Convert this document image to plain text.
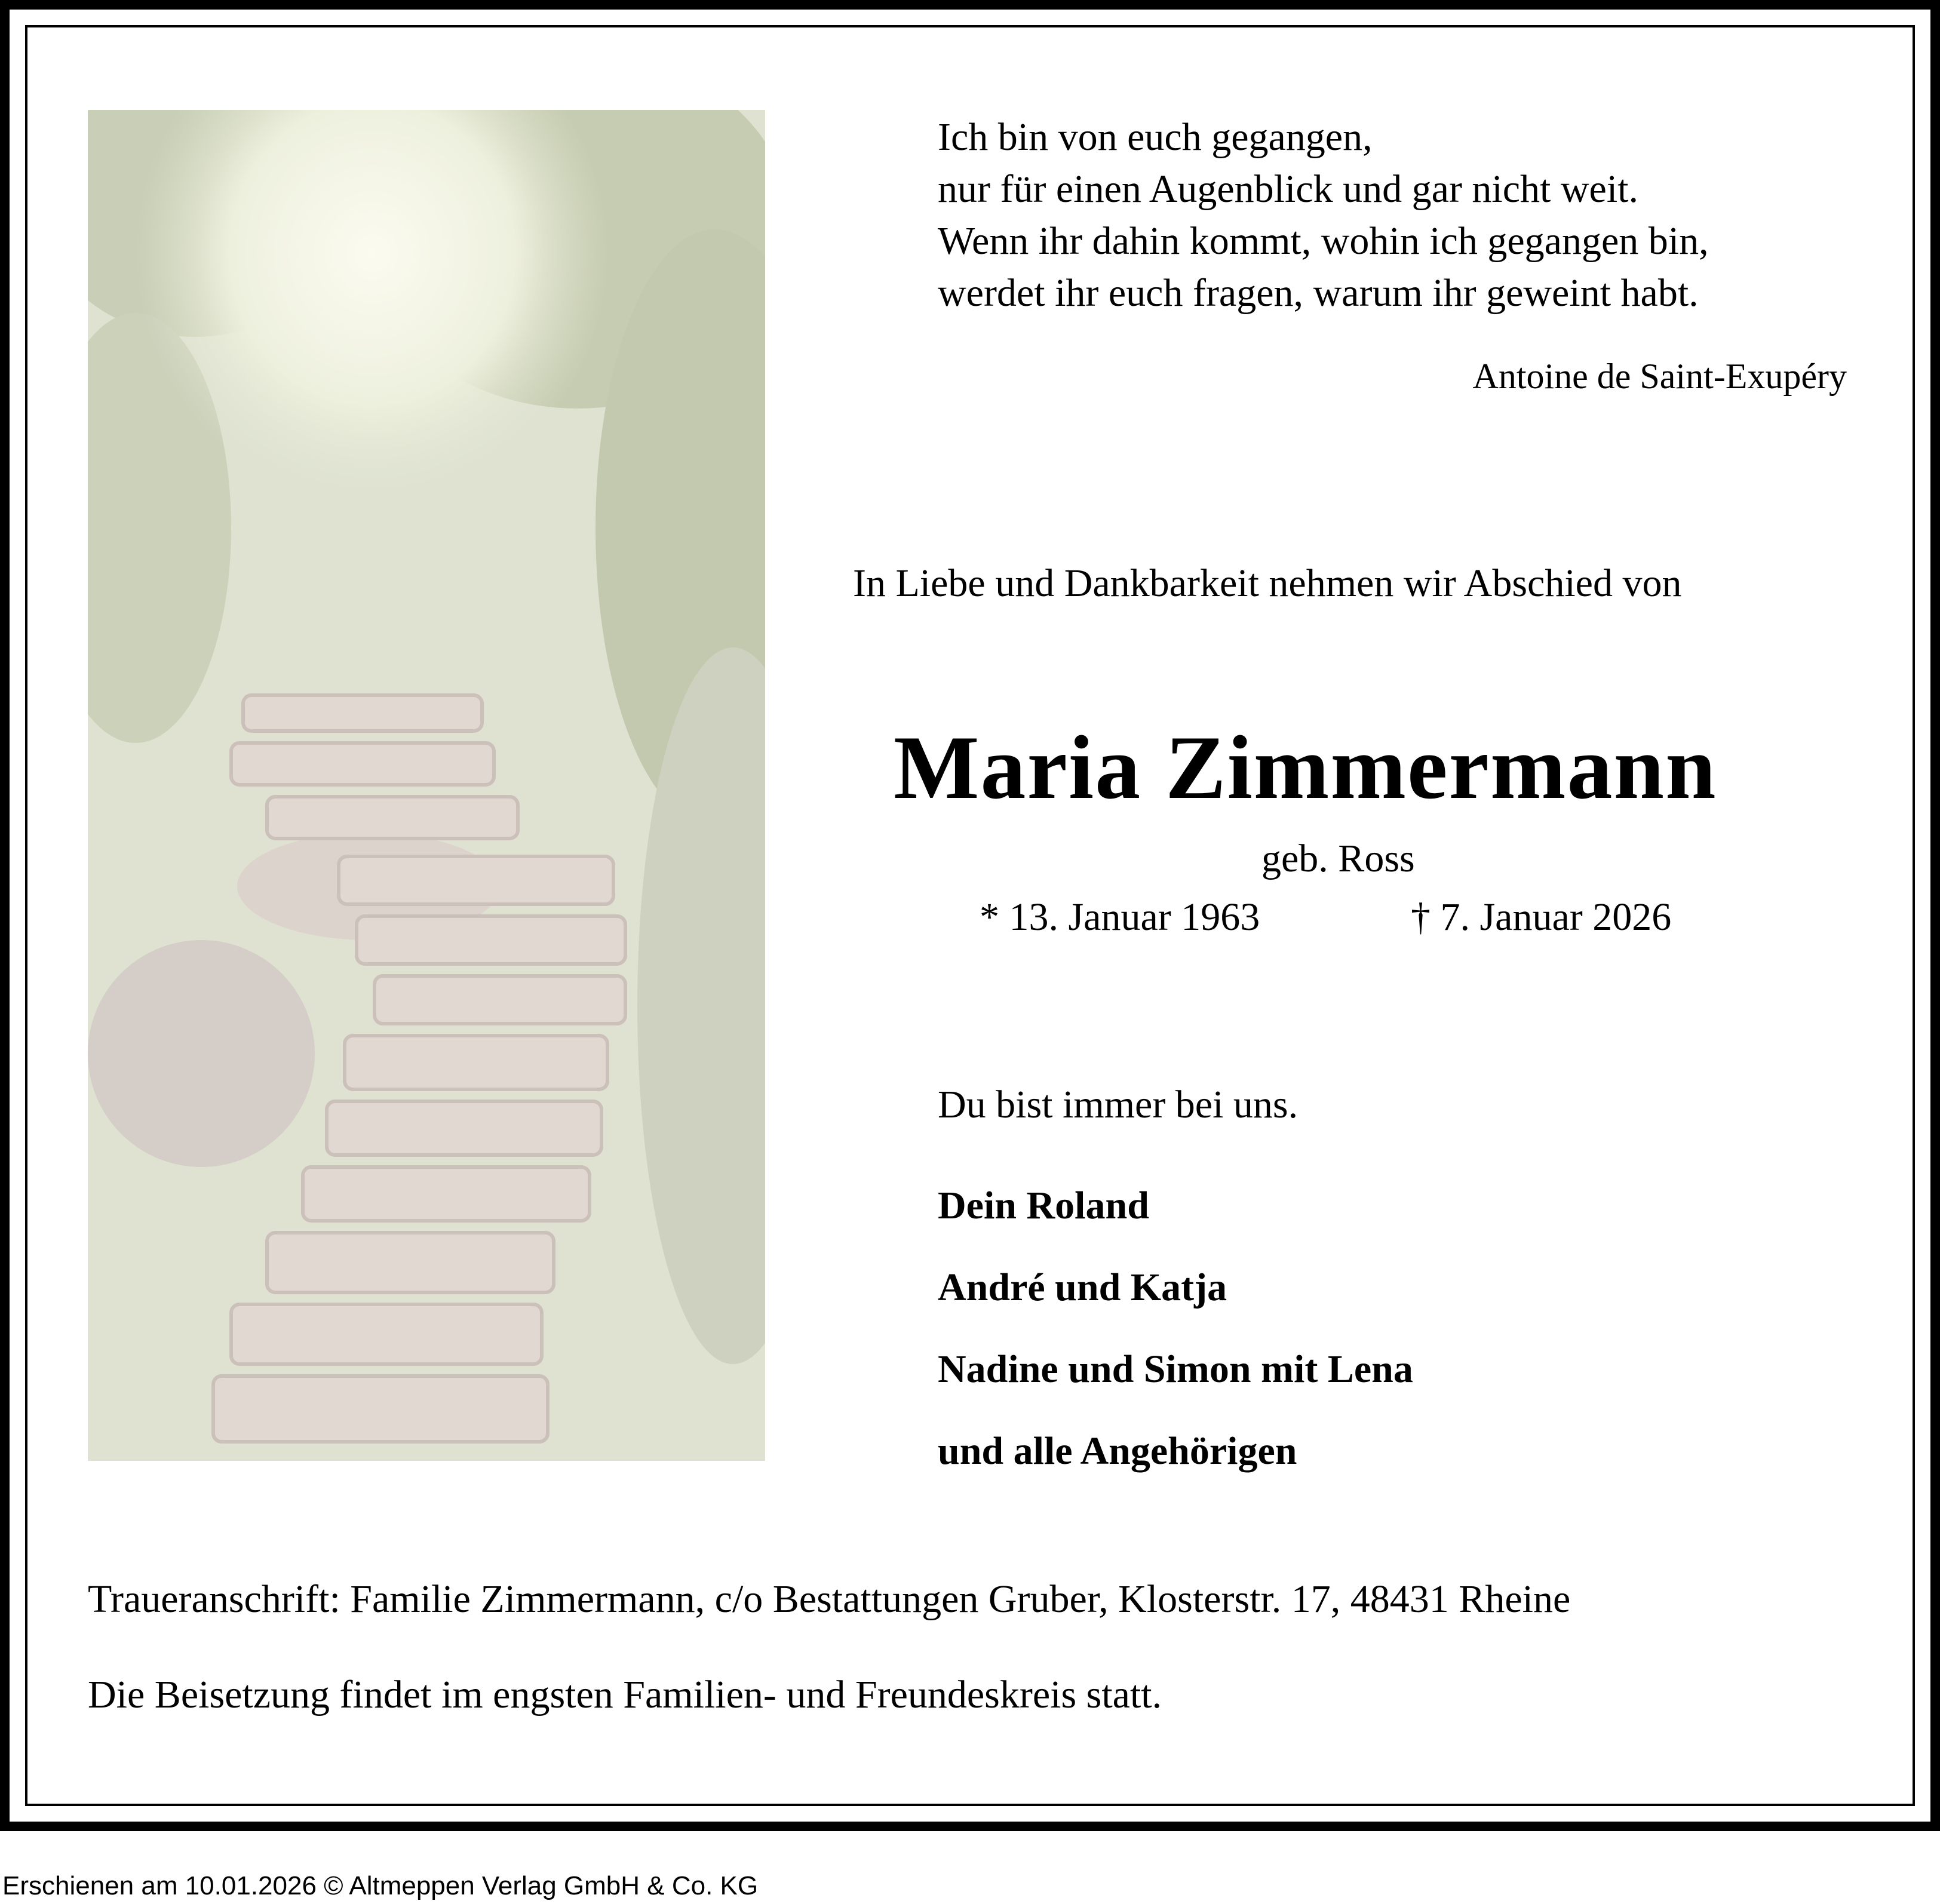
Ich bin von euch gegangen,
nur für einen Augenblick und gar nicht weit.
Wenn ihr dahin kommt, wohin ich gegangen bin,
werdet ihr euch fragen, warum ihr geweint habt.
Antoine de Saint-Exupéry
In Liebe und Dankbarkeit nehmen wir Abschied von
Maria Zimmermann
geb. Ross
* 13. Januar 1963	† 7. Januar 2026
Du bist immer bei uns.
Dein Roland
André und Katja
Nadine und Simon mit Lena
und alle Angehörigen
Traueranschrift: Familie Zimmermann, c/o Bestattungen Gruber, Klosterstr. 17, 48431 Rheine
Die Beisetzung findet im engsten Familien- und Freundeskreis statt.
Erschienen am 10.01.2026 © Altmeppen Verlag GmbH & Co. KG
